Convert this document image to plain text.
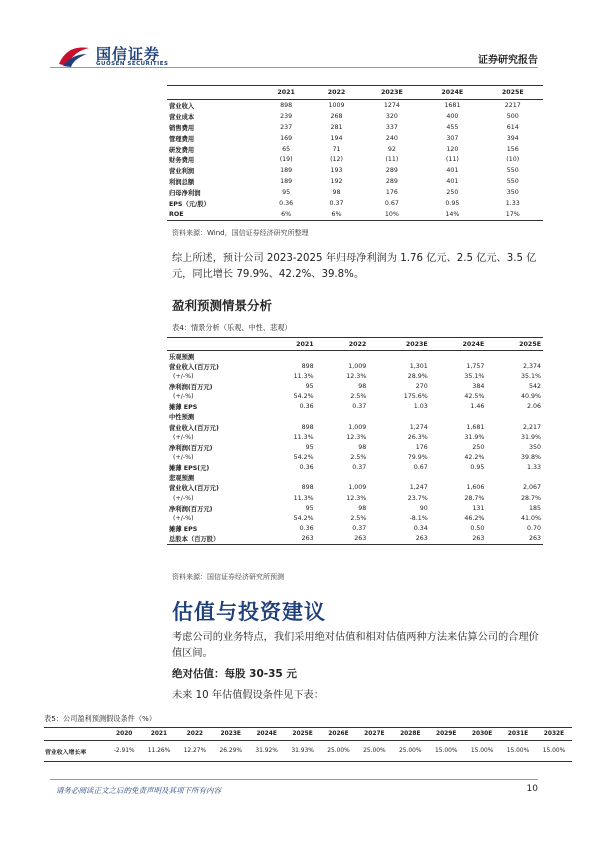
国信证券
GUOSEN SECURITIES	证券研究报告
	2021	2022	2023E	2024E	2025E
营业收入	898	1009	1274	1681	2217
营业成本	239	268	320	400	500
销售费用	237	281	337	455	614
管理费用	169	194	240	307	394
研发费用	65	71	92	120	156
财务费用	(19)	(12)	(11)	(11)	(10)
营业利润	189	193	289	401	550
利润总额	189	192	289	401	550
归母净利润	95	98	176	250	350
EPS（元/股）	0.36	0.37	0.67	0.95	1.33
ROE	6%	6%	10%	14%	17%
资料来源：Wind，国信证券经济研究所整理
综上所述，预计公司 2023-2025 年归母净利润为 1.76 亿元、2.5 亿元、3.5 亿元，同比增长 79.9%、42.2%、39.8%。
盈利预测情景分析
表4：情景分析（乐观、中性、悲观）
	2021	2022	2023E	2024E	2025E
乐观预测					
营业收入(百万元)	898	1,009	1,301	1,757	2,374
(+/-%)	11.3%	12.3%	28.9%	35.1%	35.1%
净利润(百万元)	95	98	270	384	542
(+/-%)	54.2%	2.5%	175.6%	42.5%	40.9%
摊薄 EPS	0.36	0.37	1.03	1.46	2.06
中性预测					
营业收入(百万元)	898	1,009	1,274	1,681	2,217
(+/-%)	11.3%	12.3%	26.3%	31.9%	31.9%
净利润(百万元)	95	98	176	250	350
(+/-%)	54.2%	2.5%	79.9%	42.2%	39.8%
摊薄 EPS(元)	0.36	0.37	0.67	0.95	1.33
悲观预测					
营业收入(百万元)	898	1,009	1,247	1,606	2,067
(+/-%)	11.3%	12.3%	23.7%	28.7%	28.7%
净利润(百万元)	95	98	90	131	185
(+/-%)	54.2%	2.5%	-8.1%	46.2%	41.0%
摊薄 EPS	0.36	0.37	0.34	0.50	0.70
总股本（百万股）	263	263	263	263	263
资料来源：国信证券经济研究所预测
估值与投资建议
考虑公司的业务特点，我们采用绝对估值和相对估值两种方法来估算公司的合理价值区间。
绝对估值：每股 30-35 元
未来 10 年估值假设条件见下表：
表5：公司盈利预测假设条件（%）
	2020	2021	2022	2023E	2024E	2025E	2026E	2027E	2028E	2029E	2030E	2031E	2032E
营业收入增长率	-2.91%	11.26%	12.27%	26.29%	31.92%	31.93%	25.00%	25.00%	25.00%	15.00%	15.00%	15.00%	15.00%
请务必阅读正文之后的免责声明及其项下所有内容	10
